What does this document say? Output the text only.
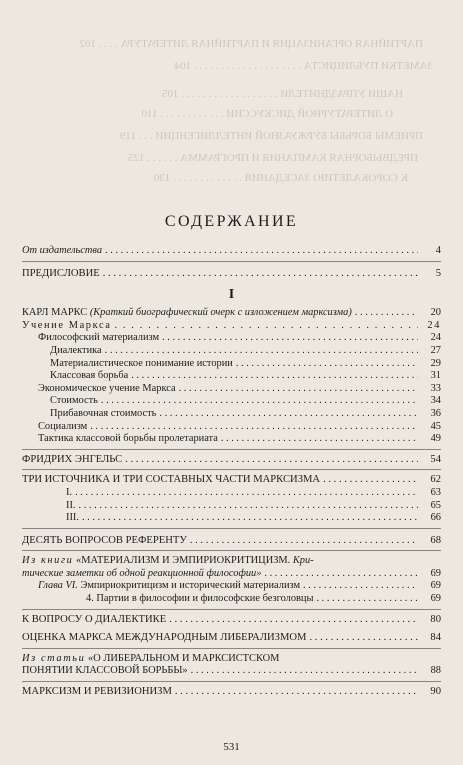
ПАРТИЙНАЯ ОРГАНИЗАЦИЯ И ПАРТИЙНАЯ ЛИТЕРАТУРА . . . . 102
ЗАМЕТКИ ПУБЛИЦИСТА . . . . . . . . . . . . . . . . . . . . 104
НАШИ УПРАЗДНИТЕЛИ . . . . . . . . . . . . . . . . . . 105
О ЛИТЕРАТУРНОЙ ДИСКУССИИ . . . . . . . . . . . . 110
ПРИЕМЫ БОРЬБЫ БУРЖУАЗНОЙ ИНТЕЛЛИГЕНЦИИ . . . 119
ПРЕДВЫБОРНАЯ КАМПАНИЯ И ПРОГРАММА . . . . . . 125
К СОРОКАЛЕТИЮ ЗАСЕДАНИЯ . . . . . . . . . . . . . 130
СОДЕРЖАНИЕ
От издательства . . .	4
ПРЕДИСЛОВИЕ . . .	5
I
КАРЛ МАРКС (Краткий биографический очерк с изложением марксизма) . . .	20
Учение Маркса . . .	24
Философский материализм . . .	24
Диалектика . . .	27
Материалистическое понимание истории . . .	29
Классовая борьба . . .	31
Экономическое учение Маркса . . .	33
Стоимость . . .	34
Прибавочная стоимость . . .	36
Социализм . . .	45
Тактика классовой борьбы пролетариата . . .	49
ФРИДРИХ ЭНГЕЛЬС . . .	54
ТРИ ИСТОЧНИКА И ТРИ СОСТАВНЫХ ЧАСТИ МАРКСИЗМА . . .	62
I. . . .	63
II. . . .	65
III. . . .	66
ДЕСЯТЬ ВОПРОСОВ РЕФЕРЕНТУ . . .	68
Из книги «МАТЕРИАЛИЗМ И ЭМПИРИОКРИТИЦИЗМ. Кри-
тические заметки об одной реакционной философии» . . .	69
Глава VI. Эмпириокритицизм и исторический материализм . . .	69
4. Партии в философии и философские безголовцы . . .	69
К ВОПРОСУ О ДИАЛЕКТИКЕ . . .	80
ОЦЕНКА МАРКСА МЕЖДУНАРОДНЫМ ЛИБЕРАЛИЗМОМ . . .	84
Из статьи «О ЛИБЕРАЛЬНОМ И МАРКСИСТСКОМ
ПОНЯТИИ КЛАССОВОЙ БОРЬБЫ» . . .	88
МАРКСИЗМ И РЕВИЗИОНИЗМ . . .	90
531
